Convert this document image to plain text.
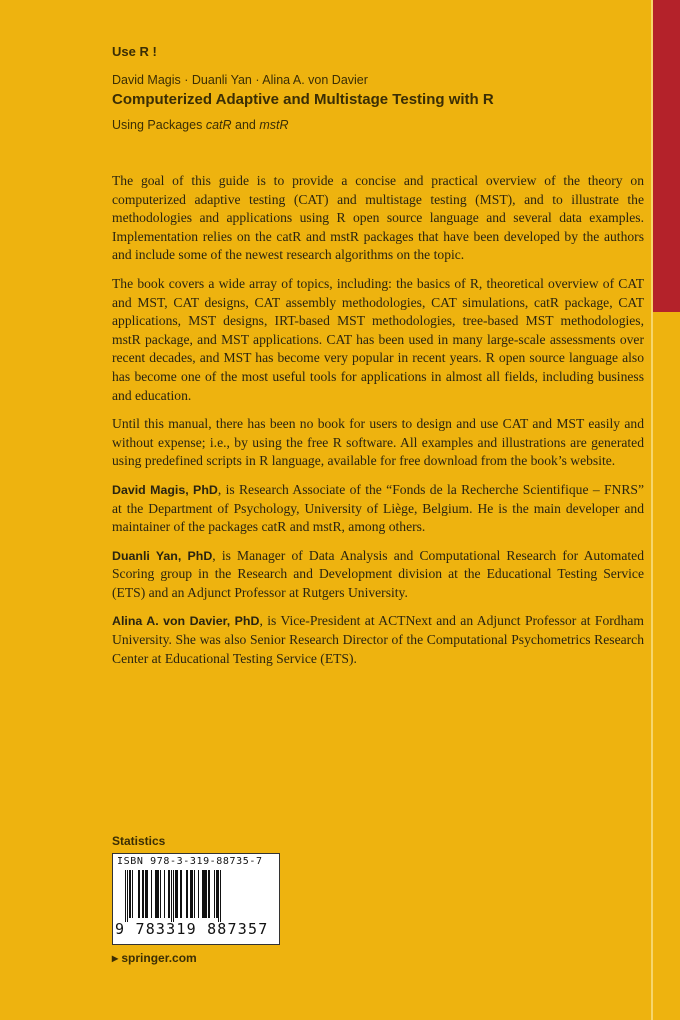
Use R !
David Magis · Duanli Yan · Alina A. von Davier
Computerized Adaptive and Multistage Testing with R
Using Packages catR and mstR

The goal of this guide is to provide a concise and practical overview of the theory on computerized adaptive testing (CAT) and multistage testing (MST), and to illustrate the methodologies and applications using R open source language and several data examples. Implementation relies on the catR and mstR packages that have been developed by the authors and include some of the newest research algorithms on the topic.

The book covers a wide array of topics, including: the basics of R, theoretical overview of CAT and MST, CAT designs, CAT assembly methodologies, CAT simulations, catR package, CAT applications, MST designs, IRT-based MST methodologies, tree-based MST methodologies, mstR package, and MST applications. CAT has been used in many large-scale assessments over recent decades, and MST has become very popular in recent years. R open source language also has become one of the most useful tools for applications in almost all fields, including business and education.

Until this manual, there has been no book for users to design and use CAT and MST easily and without expense; i.e., by using the free R software. All examples and illustrations are generated using predefined scripts in R language, available for free download from the book’s website.

David Magis, PhD, is Research Associate of the “Fonds de la Recherche Scientifique – FNRS” at the Department of Psychology, University of Liège, Belgium. He is the main developer and maintainer of the packages catR and mstR, among others.

Duanli Yan, PhD, is Manager of Data Analysis and Computational Research for Automated Scoring group in the Research and Development division at the Educational Testing Service (ETS) and an Adjunct Professor at Rutgers University.

Alina A. von Davier, PhD, is Vice-President at ACTNext and an Adjunct Professor at Fordham University. She was also Senior Research Director of the Computational Psychometrics Research Center at Educational Testing Service (ETS).

Statistics
ISBN 978-3-319-88735-7
9 783319 887357
▸ springer.com
